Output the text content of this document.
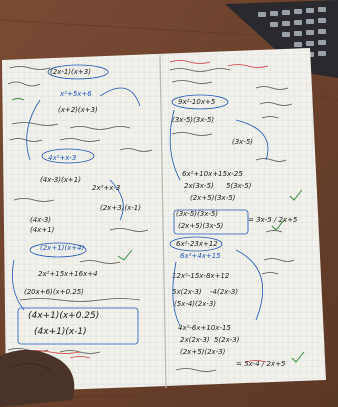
(2x-1)(x+3)
x²+5x+6
(x+2)(x+3)
4x²+x-3
(4x-3)(x+1)
2x²+x-3
(2x+3)(x-1)
(4x-3)
(4x+1)
2x²+15x+16x+4
(2x+1)(x+4)
(20x+6)(x+0.25)
(4x+1)(x+0.25)
(4x+1)(x-1)
9x²-10x+5
(3x-5)(3x-5)
(3x-5)
6x²+10x+15x-25
2x(3x-5) 5(3x-5)
(2x+5)(3x-5)
(3x-5)(3x-5)
(2x+5)(3x-5)
= 3x-5 / 2x+5
6x²-23x+12
6x²+4x+15
12x²-15x-8x+12
5x(2x-3) -4(2x-3)
(5x-4)(2x-3)
4x²-6x+10x-15
2x(2x-3) 5(2x-3)
(2x+5)(2x-3)
= 5x-4 / 2x+5
